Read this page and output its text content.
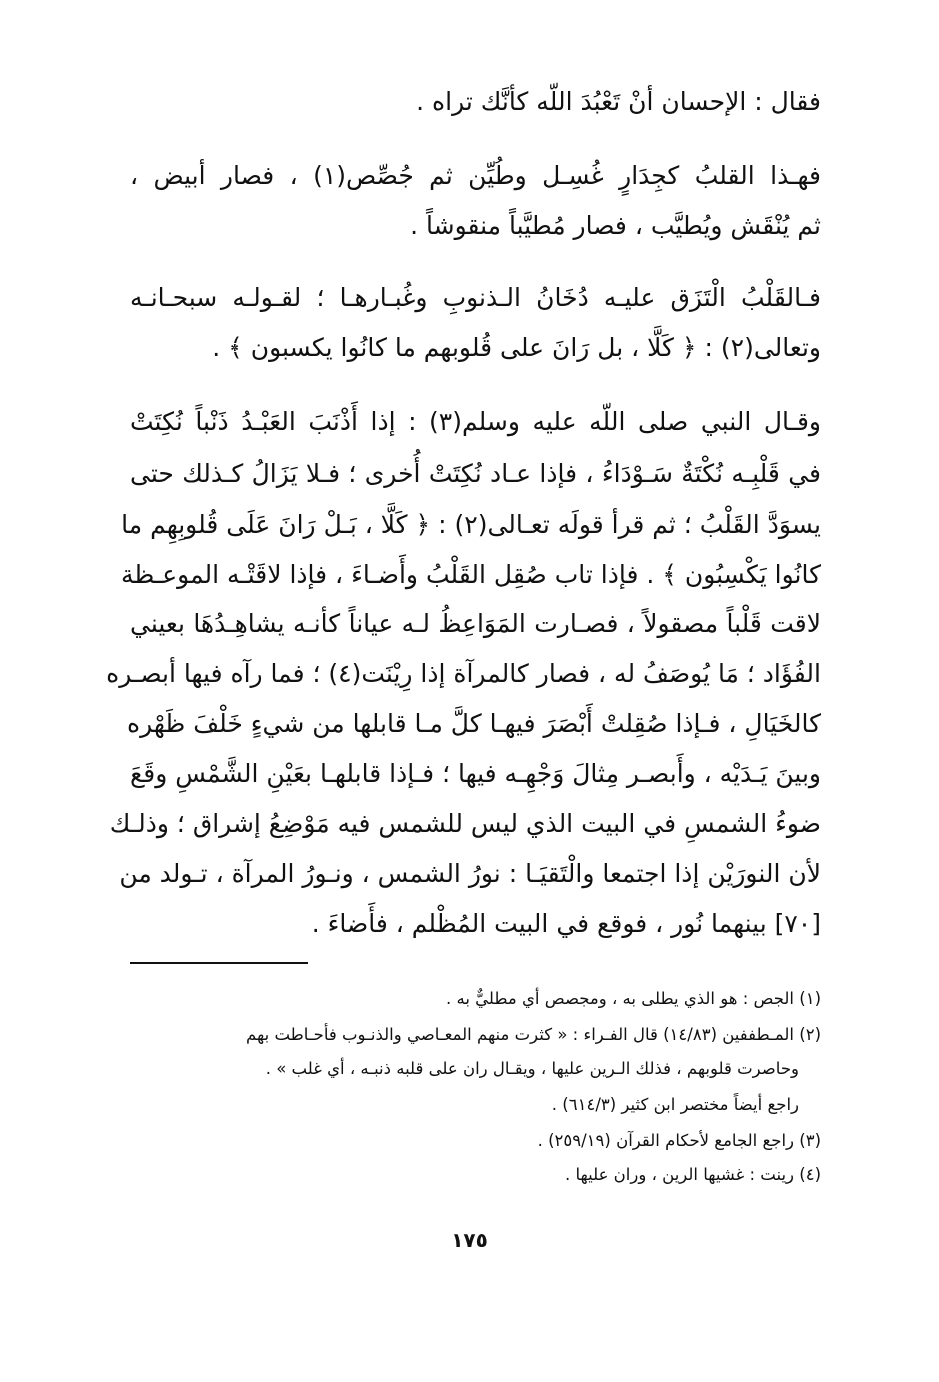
فقال : الإحسان أنْ تَعْبُدَ اللّه كأنَّك تراه .
فهـذا القلبُ كجِدَارٍ غُسِـل وطُيِّن ثم جُصِّص(١) ، فصار أبيض ،
ثم يُنْقَش ويُطيَّب ، فصار مُطيَّباً منقوشاً .
فـالقَلْبُ الْتَزَق عليـه دُخَانُ الـذنوبِ وغُبـارهـا ؛ لقـولـه سبحـانـه
وتعالى(٢) : ﴿ كَلَّا ، بل رَانَ على قُلوبهم ما كانُوا يكسبون ﴾ .
وقـال النبي صلى اللّه عليه وسلم(٣) : إذا أَذْنَبَ العَبْـدُ ذَنْباً نُكِتَتْ
في قَلْبِـه نُكْتَةٌ سَـوْدَاءُ ، فإذا عـاد نُكِتَتْ أُخرى ؛ فـلا يَزَالُ كـذلك حتى
يسوَدَّ القَلْبُ ؛ ثم قرأ قولَه تعـالى(٢) : ﴿ كَلَّا ، بَـلْ رَانَ عَلَى قُلوبِهِم ما
كانُوا يَكْسِبُون ﴾ . فإذا تاب صُقِل القَلْبُ وأَضـاءَ ، فإذا لاقَتْـه الموعـظة
لاقت قَلْباً مصقولاً ، فصـارت المَوَاعِظُ لـه عياناً كأنـه يشاهِـدُهَا بعيني
الفُؤَاد ؛ مَا يُوصَفُ له ، فصار كالمرآة إذا رِيْنَت(٤) ؛ فما رآه فيها أبصـره
كالخَيَالِ ، فـإذا صُقِلتْ أَبْصَرَ فيهـا كلَّ مـا قابلها من شيءٍ خَلْفَ ظَهْره
وبينَ يَـدَيْه ، وأَبصـر مِثالَ وَجْهِـه فيها ؛ فـإذا قابلهـا بعَيْنِ الشَّمْسِ وقَعَ
ضوءُ الشمسِ في البيت الذي ليس للشمس فيه مَوْضِعُ إشراق ؛ وذلـك
لأن النورَيْن إذا اجتمعا والْتَقيَـا : نورُ الشمس ، ونـورُ المرآة ، تـولد من
[٧٠] بينهما نُور ، فوقع في البيت المُظْلم ، فأَضاءَ .
(١) الجص : هو الذي يطلى به ، ومجصص أي مطليٌّ به .
(٢) المـطففين (١٤/٨٣) قال الفـراء : « كثرت منهم المعـاصي والذنـوب فأحـاطت بهم
وحاصرت قلوبهم ، فذلك الـرين عليها ، ويقـال ران على قلبه ذنبـه ، أي غلب » .
راجع أيضاً مختصر ابن كثير (٦١٤/٣) .
(٣) راجع الجامع لأحكام القرآن (٢٥٩/١٩) .
(٤) رينت : غشيها الرين ، وران عليها .
١٧٥
